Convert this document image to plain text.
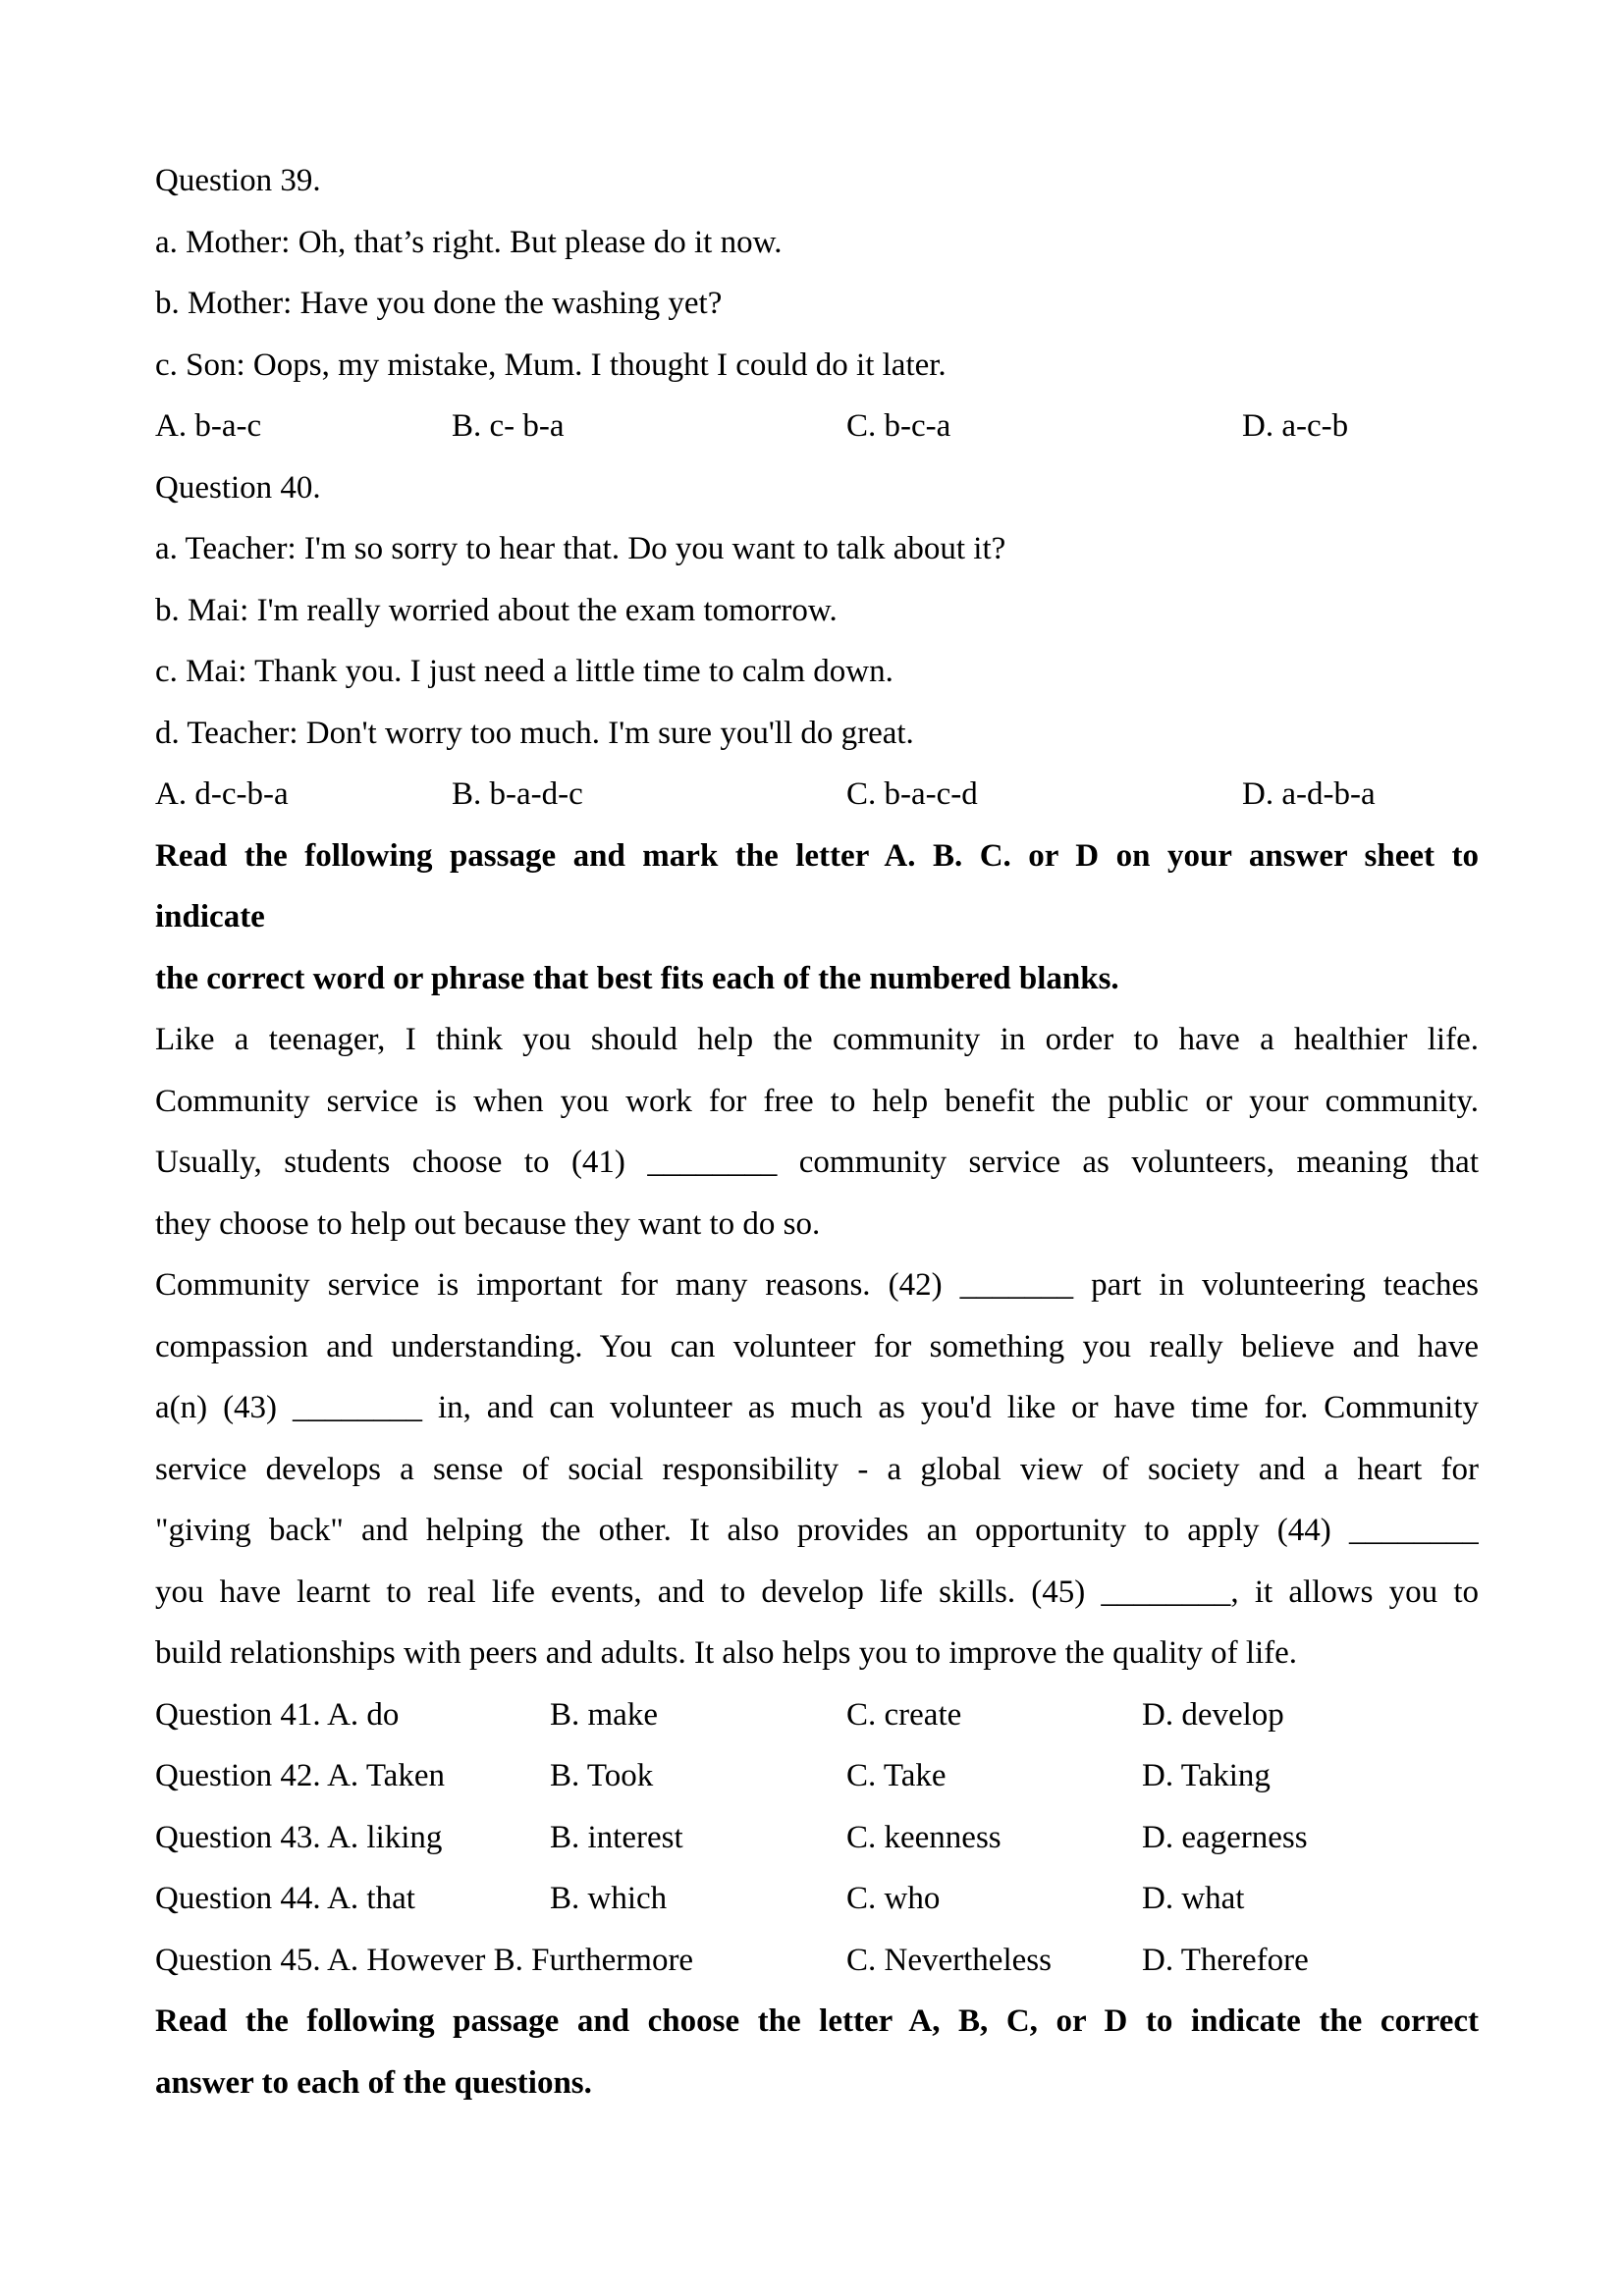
Question 39.
a. Mother: Oh, that’s right. But please do it now.
b. Mother: Have you done the washing yet?
c. Son: Oops, my mistake, Mum. I thought I could do it later.
A. b-a-c	B. c- b-a	C. b-c-a	D. a-c-b
Question 40.
a. Teacher: I'm so sorry to hear that. Do you want to talk about it?
b. Mai: I'm really worried about the exam tomorrow.
c. Mai: Thank you. I just need a little time to calm down.
d. Teacher: Don't worry too much. I'm sure you'll do great.
A. d-c-b-a	B. b-a-d-c	C. b-a-c-d	D. a-d-b-a
Read the following passage and mark the letter A. B. C. or D on your answer sheet to
indicate
the correct word or phrase that best fits each of the numbered blanks.
Like a teenager, I think you should help the community in order to have a healthier life.
Community service is when you work for free to help benefit the public or your community.
Usually, students choose to (41) ________ community service as volunteers, meaning that
they choose to help out because they want to do so.
Community service is important for many reasons. (42) _______ part in volunteering teaches
compassion and understanding. You can volunteer for something you really believe and have
a(n) (43) ________ in, and can volunteer as much as you'd like or have time for. Community
service develops a sense of social responsibility - a global view of society and a heart for
"giving back" and helping the other. It also provides an opportunity to apply (44) ________
you have learnt to real life events, and to develop life skills. (45) ________, it allows you to
build relationships with peers and adults. It also helps you to improve the quality of life.
Question 41. A. do	B. make	C. create	D. develop
Question 42. A. Taken	B. Took	C. Take	D. Taking
Question 43. A. liking	B. interest	C. keenness	D. eagerness
Question 44. A. that	B. which	C. who	D. what
Question 45. A. However B. Furthermore	C. Nevertheless	D. Therefore
Read the following passage and choose the letter A, B, C, or D to indicate the correct
answer to each of the questions.
